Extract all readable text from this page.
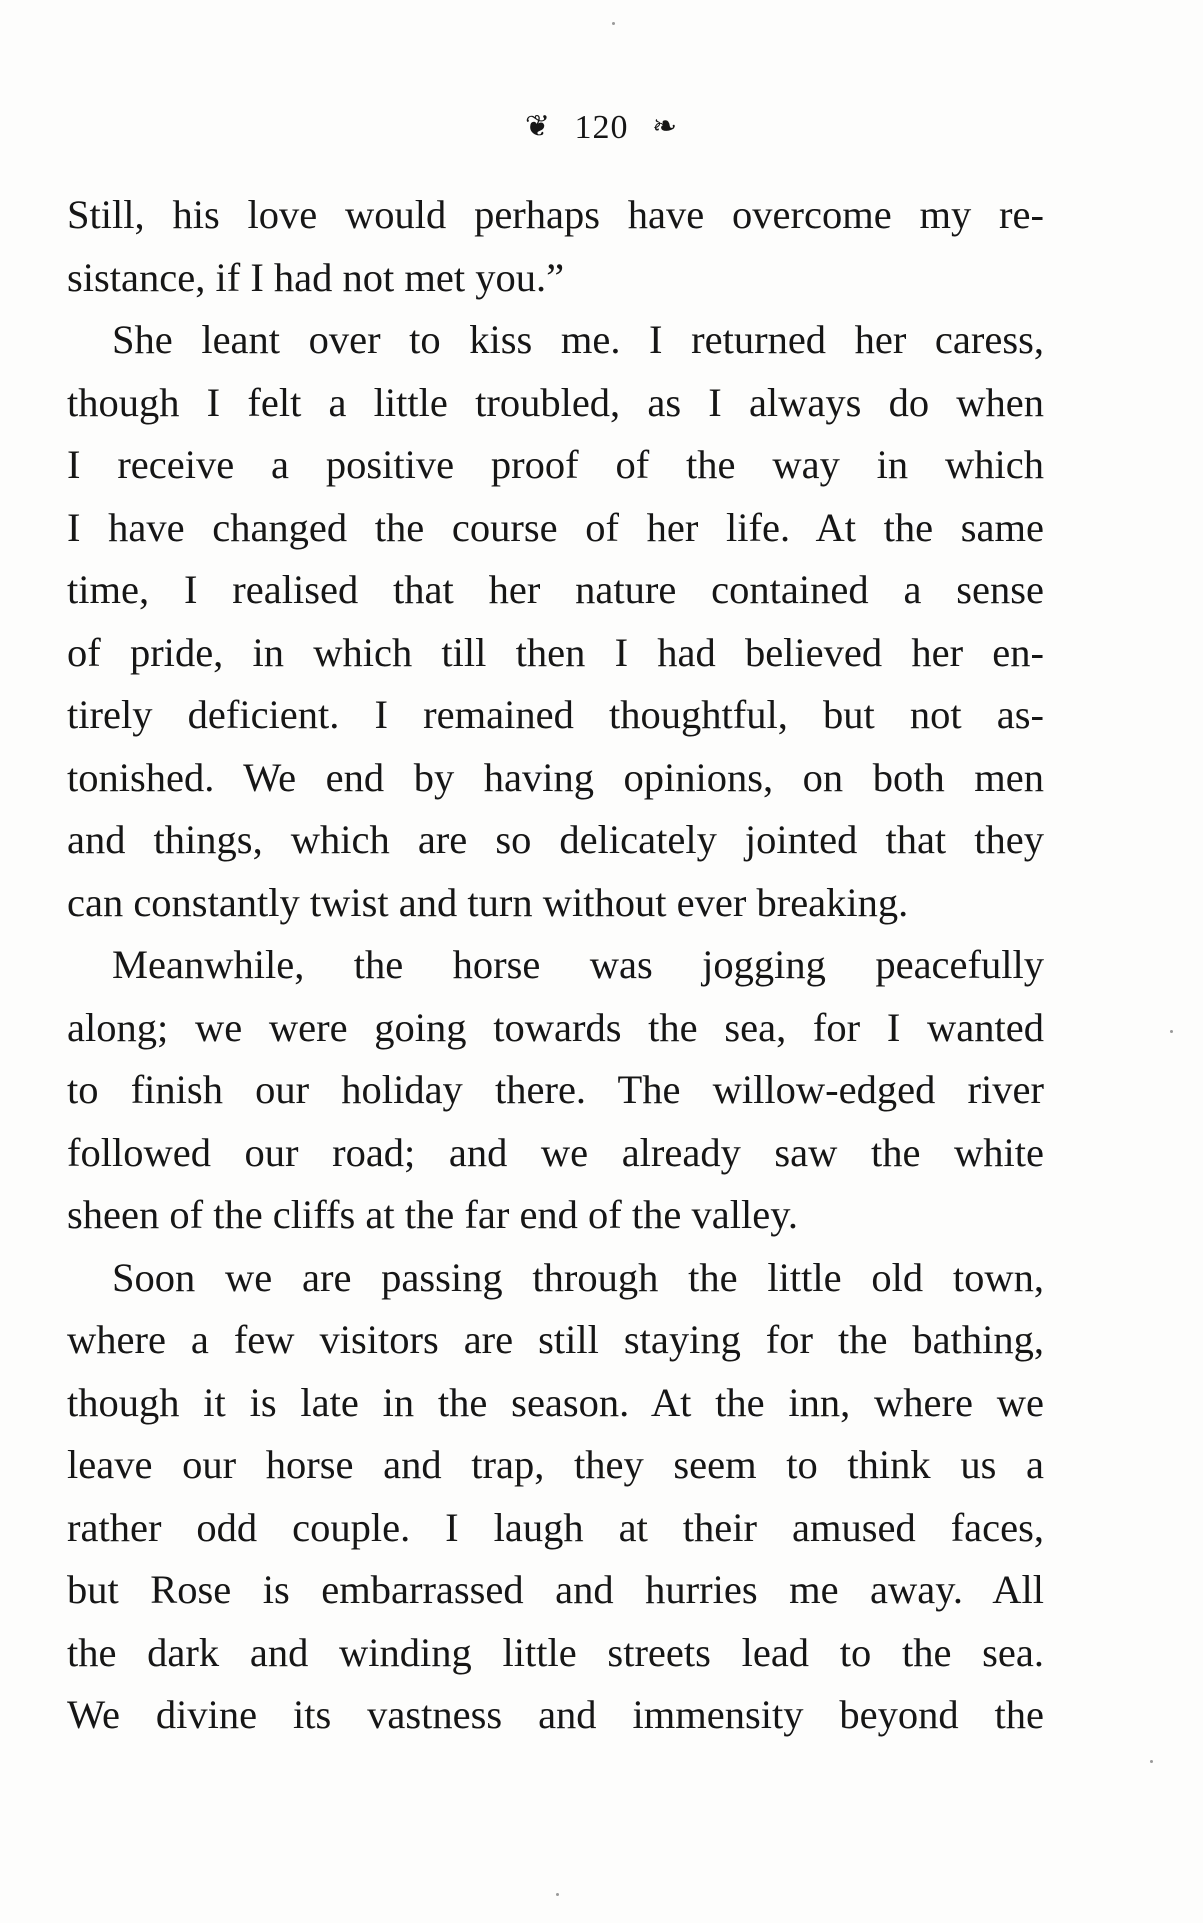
❦ 120 ❧
Still, his love would perhaps have overcome my re-
sistance, if I had not met you.”
She leant over to kiss me. I returned her caress,
though I felt a little troubled, as I always do when
I receive a positive proof of the way in which
I have changed the course of her life. At the same
time, I realised that her nature contained a sense
of pride, in which till then I had believed her en-
tirely deficient. I remained thoughtful, but not as-
tonished. We end by having opinions, on both men
and things, which are so delicately jointed that they
can constantly twist and turn without ever breaking.
Meanwhile, the horse was jogging peacefully
along; we were going towards the sea, for I wanted
to finish our holiday there. The willow-edged river
followed our road; and we already saw the white
sheen of the cliffs at the far end of the valley.
Soon we are passing through the little old town,
where a few visitors are still staying for the bathing,
though it is late in the season. At the inn, where we
leave our horse and trap, they seem to think us a
rather odd couple. I laugh at their amused faces,
but Rose is embarrassed and hurries me away. All
the dark and winding little streets lead to the sea.
We divine its vastness and immensity beyond the
